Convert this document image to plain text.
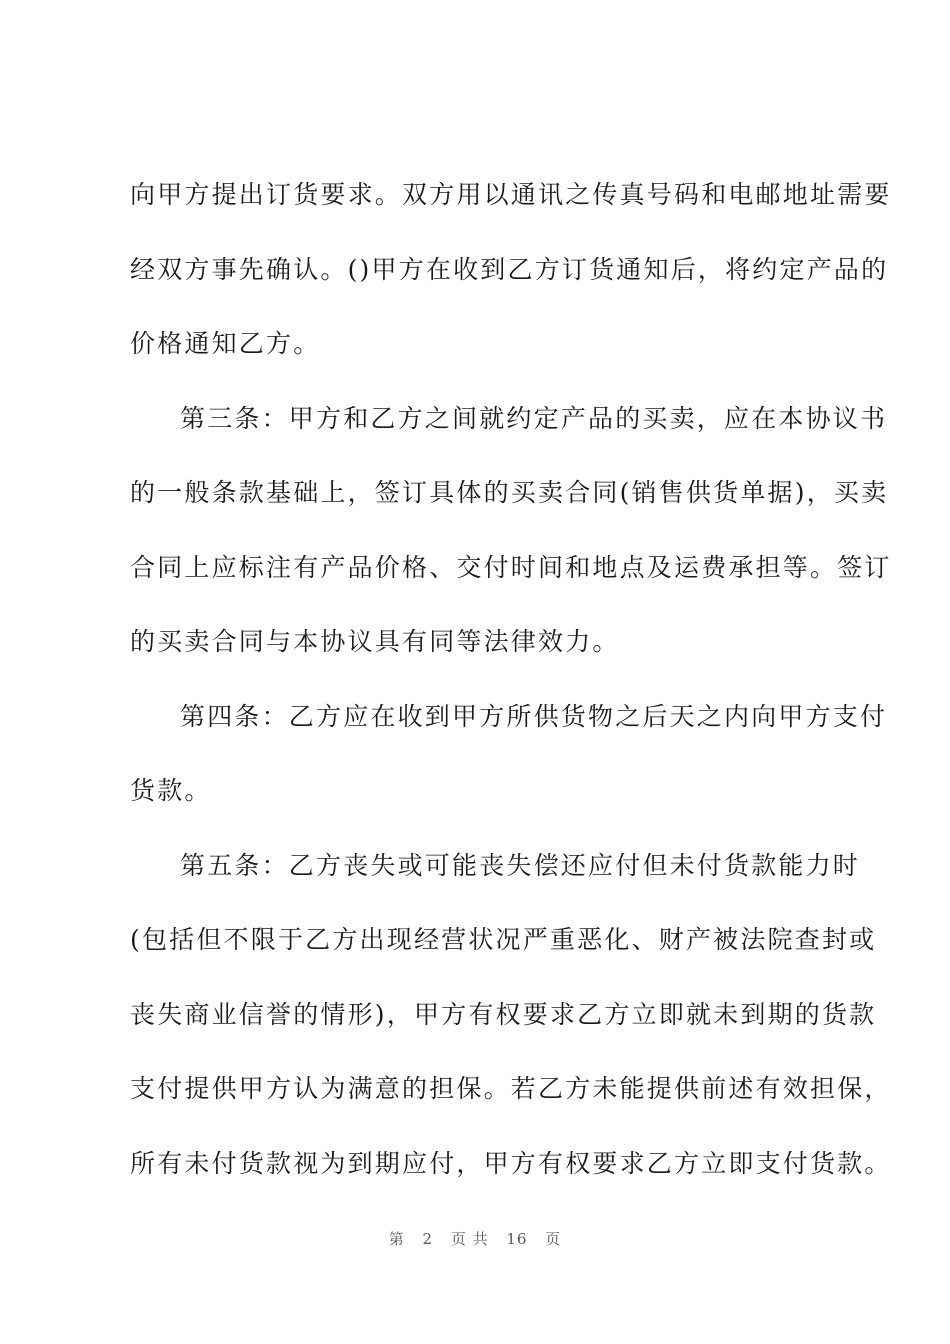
向甲方提出订货要求。双方用以通讯之传真号码和电邮地址需要
经双方事先确认。()甲方在收到乙方订货通知后，将约定产品的
价格通知乙方。
第三条：甲方和乙方之间就约定产品的买卖，应在本协议书
的一般条款基础上，签订具体的买卖合同(销售供货单据)，买卖
合同上应标注有产品价格、交付时间和地点及运费承担等。签订
的买卖合同与本协议具有同等法律效力。
第四条：乙方应在收到甲方所供货物之后天之内向甲方支付
货款。
第五条：乙方丧失或可能丧失偿还应付但未付货款能力时
(包括但不限于乙方出现经营状况严重恶化、财产被法院查封或
丧失商业信誉的情形)，甲方有权要求乙方立即就未到期的货款
支付提供甲方认为满意的担保。若乙方未能提供前述有效担保，
所有未付货款视为到期应付，甲方有权要求乙方立即支付货款。
第 2 页 共 16 页
